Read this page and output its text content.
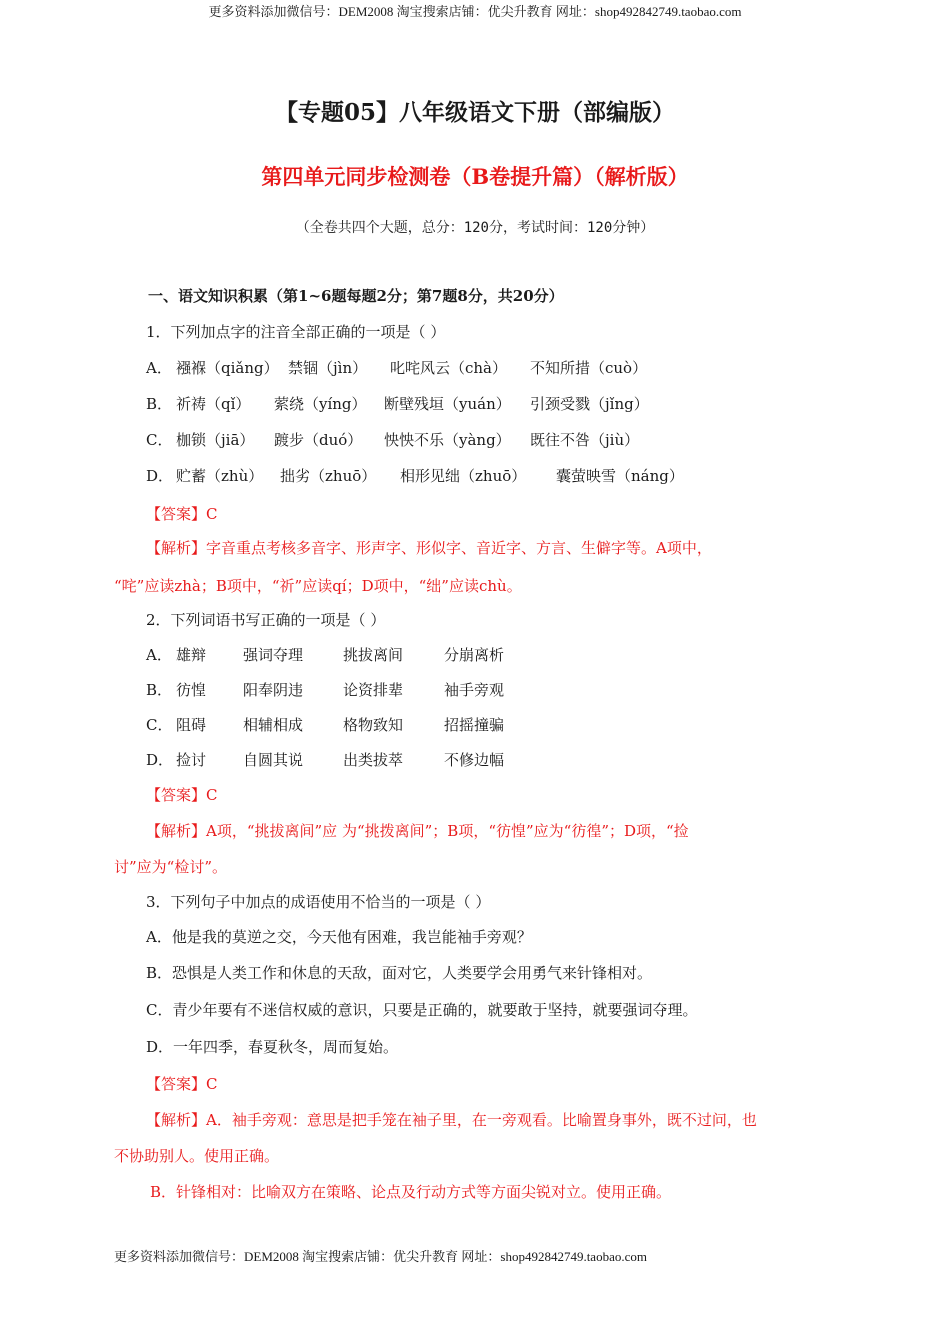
更多资料添加微信号：DEM2008 淘宝搜索店铺：优尖升教育 网址：shop492842749.taobao.com
【专题05】八年级语文下册（部编版）
第四单元同步检测卷（B卷提升篇）（解析版）
（全卷共四个大题，总分：120分，考试时间：120分钟）
一、语文知识积累（第1~6题每题2分；第7题8分，共20分）
1．下列加点字的注音全部正确的一项是（ ）
A． 襁褓（qiǎng） 禁锢（jìn） 叱咤风云（chà） 不知所措（cuò）
B． 祈祷（qǐ） 萦绕（yíng） 断壁残垣（yuán） 引颈受戮（jǐng）
C． 枷锁（jiā） 踱步（duó） 怏怏不乐（yàng） 既往不咎（jiù）
D． 贮蓄（zhù） 拙劣（zhuō） 相形见绌（zhuō） 囊萤映雪（náng）
【答案】C
【解析】字音重点考核多音字、形声字、形似字、音近字、方言、生僻字等。A项中，
“咤”应读zhà；B项中，“祈”应读qí；D项中，“绌”应读chù。
2．下列词语书写正确的一项是（ ）
A． 雄辩 强词夺理	挑拔离间	分崩离析
B． 彷惶 阳奉阴违	论资排辈	袖手旁观
C． 阻碍 相辅相成	格物致知	招摇撞骗
D． 捡讨 自圆其说	出类拔萃	不修边幅
【答案】C
【解析】A项，“挑拔离间”应 为“挑拨离间”；B项，“彷惶”应为“彷徨”；D项，“捡
讨”应为“检讨”。
3．下列句子中加点的成语使用不恰当的一项是（ ）
A．他是我的莫逆之交，今天他有困难，我岂能袖手旁观？
B．恐惧是人类工作和休息的天敌，面对它，人类要学会用勇气来针锋相对。
C．青少年要有不迷信权威的意识，只要是正确的，就要敢于坚持，就要强词夺理。
D．一年四季，春夏秋冬，周而复始。
【答案】C
【解析】A．袖手旁观：意思是把手笼在袖子里，在一旁观看。比喻置身事外，既不过问，也
不协助别人。使用正确。
B．针锋相对：比喻双方在策略、论点及行动方式等方面尖锐对立。使用正确。
更多资料添加微信号：DEM2008 淘宝搜索店铺：优尖升教育 网址：shop492842749.taobao.com
